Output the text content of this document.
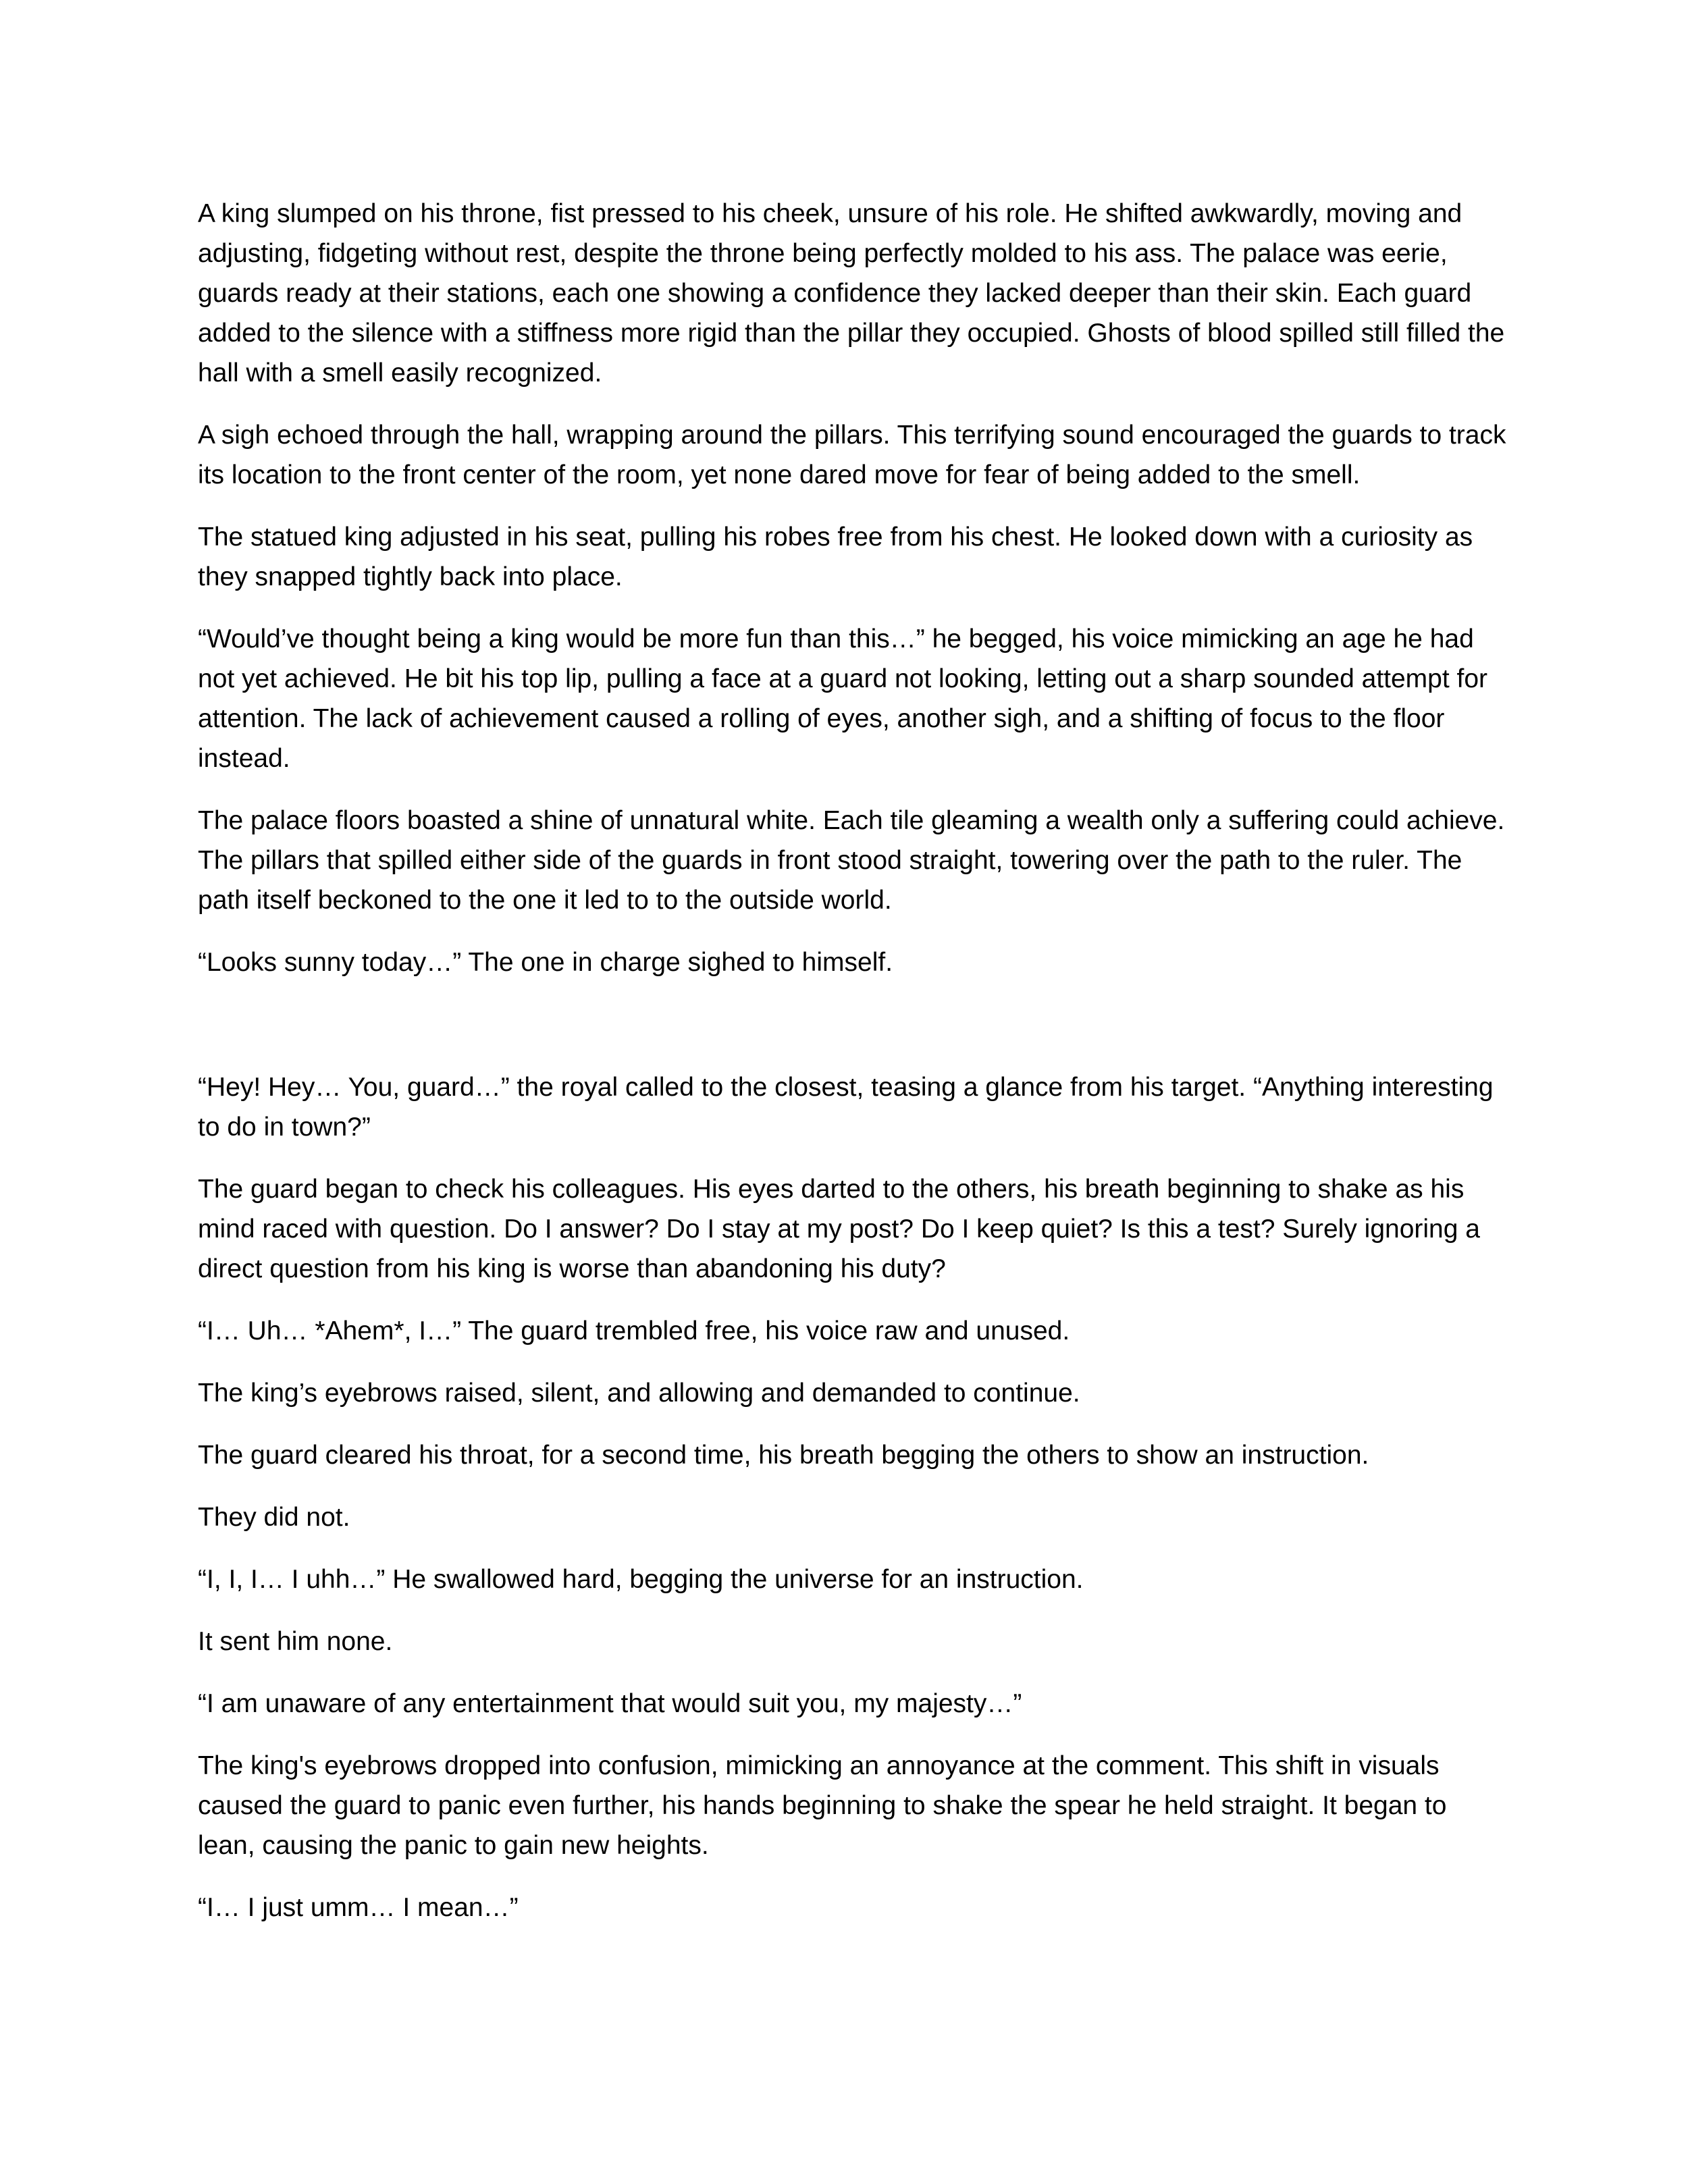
A king slumped on his throne, fist pressed to his cheek, unsure of his role. He shifted awkwardly, moving and adjusting, fidgeting without rest, despite the throne being perfectly molded to his ass. The palace was eerie, guards ready at their stations, each one showing a confidence they lacked deeper than their skin. Each guard added to the silence with a stiffness more rigid than the pillar they occupied. Ghosts of blood spilled still filled the hall with a smell easily recognized.

A sigh echoed through the hall, wrapping around the pillars. This terrifying sound encouraged the guards to track its location to the front center of the room, yet none dared move for fear of being added to the smell.

The statued king adjusted in his seat, pulling his robes free from his chest. He looked down with a curiosity as they snapped tightly back into place.

“Would’ve thought being a king would be more fun than this…” he begged, his voice mimicking an age he had not yet achieved. He bit his top lip, pulling a face at a guard not looking, letting out a sharp sounded attempt for attention. The lack of achievement caused a rolling of eyes, another sigh, and a shifting of focus to the floor instead.

The palace floors boasted a shine of unnatural white. Each tile gleaming a wealth only a suffering could achieve. The pillars that spilled either side of the guards in front stood straight, towering over the path to the ruler. The path itself beckoned to the one it led to to the outside world.

“Looks sunny today…” The one in charge sighed to himself.

“Hey! Hey… You, guard…” the royal called to the closest, teasing a glance from his target. “Anything interesting to do in town?”

The guard began to check his colleagues. His eyes darted to the others, his breath beginning to shake as his mind raced with question. Do I answer? Do I stay at my post? Do I keep quiet? Is this a test? Surely ignoring a direct question from his king is worse than abandoning his duty?

“I… Uh… *Ahem*, I…” The guard trembled free, his voice raw and unused.

The king’s eyebrows raised, silent, and allowing and demanded to continue.

The guard cleared his throat, for a second time, his breath begging the others to show an instruction.

They did not.

“I, I, I… I uhh…” He swallowed hard, begging the universe for an instruction.

It sent him none.

“I am unaware of any entertainment that would suit you, my majesty…”

The king's eyebrows dropped into confusion, mimicking an annoyance at the comment. This shift in visuals caused the guard to panic even further, his hands beginning to shake the spear he held straight. It began to lean, causing the panic to gain new heights.

“I… I just umm… I mean…”
